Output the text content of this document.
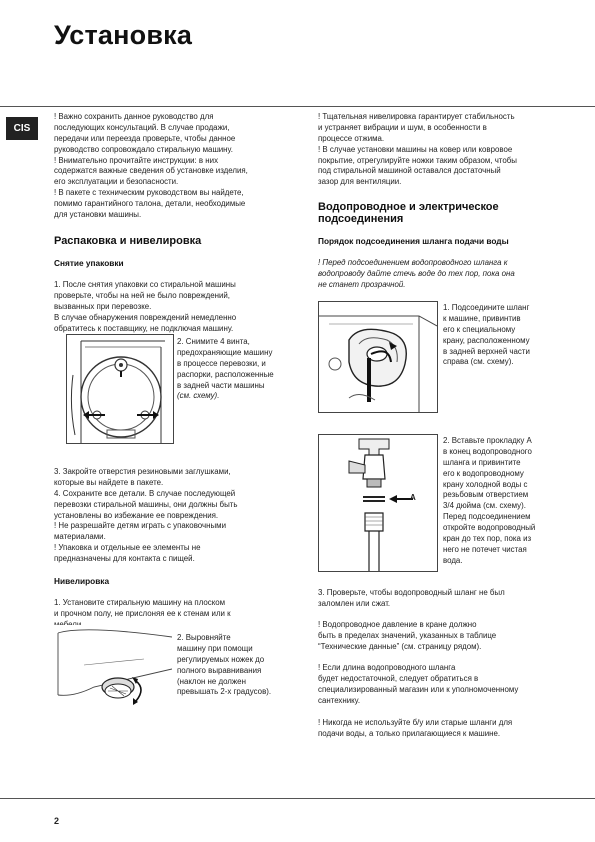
Установка
CIS
! Важно сохранить данное руководство для
последующих консультаций. В случае продажи,
передачи или переезда проверьте, чтобы данное
руководство сопровождало стиральную машину.
! Внимательно прочитайте инструкции: в них
содержатся важные сведения об установке изделия,
его эксплуатации и безопасности.
! В пакете с техническим руководством вы найдете,
помимо гарантийного талона, детали, необходимые
для установки машины.
Распаковка и нивелировка
Снятие упаковки
1. После снятия упаковки со стиральной машины
проверьте, чтобы на ней не было повреждений,
вызванных при перевозке.
В случае обнаружения повреждений немедленно
обратитесь к поставщику, не подключая машину.
2. Снимите 4 винта,
предохраняющие машину
в процессе перевозки, и
распорки, расположенные
в задней части машины
(см. схему).
3. Закройте отверстия резиновыми заглушками,
которые вы найдете в пакете.
4. Сохраните все детали. В случае последующей
перевозки стиральной машины, они должны быть
установлены во избежание ее повреждения.
! Не разрешайте детям играть с упаковочными
материалами.
! Упаковка и отдельные ее элементы не
предназначены для контакта с пищей.
Нивелировка
1. Установите стиральную машину на плоском
и прочном полу, не прислоняя ее к стенам или к
2. Выровняйте
машину при помощи
регулируемых ножек до
полного выравнивания
(наклон не должен
превышать 2-х градусов).
! Тщательная нивелировка гарантирует стабильность
и устраняет вибрации и шум, в особенности в
процессе отжима.
! В случае установки машины на ковер или ковровое
покрытие, отрегулируйте ножки таким образом, чтобы
под стиральной машиной оставался достаточный
зазор для вентиляции.
Водопроводное и электрическое
подсоединения
Порядок подсоединения шланга подачи воды
! Перед подсоединением водопроводного шланга к
водопроводу дайте стечь воде до тех пор, пока она
не станет прозрачной.
1. Подсоедините шланг
к машине, привинтив
его к специальному
крану, расположенному
в задней верхней части
справа (см. схему).
A
2. Вставьте прокладку А
в конец водопроводного
шланга и привинтите
его к водопроводному
крану холодной воды с
резьбовым отверстием
3/4 дюйма (см. схему).
Перед подсоединением
откройте водопроводный
кран до тех пор, пока из
него не потечет чистая
вода.
3. Проверьте, чтобы водопроводный шланг не был
заломлен или сжат.
! Водопроводное давление в кране должно
быть в пределах значений, указанных в таблице
“Технические данные” (см. страницу рядом).
! Если длина водопроводного шланга
будет недостаточной, следует обратиться в
специализированный магазин или к уполномоченному
сантехнику.
! Никогда не используйте б/у или старые шланги для
подачи воды, а только прилагающиеся к машине.
2
